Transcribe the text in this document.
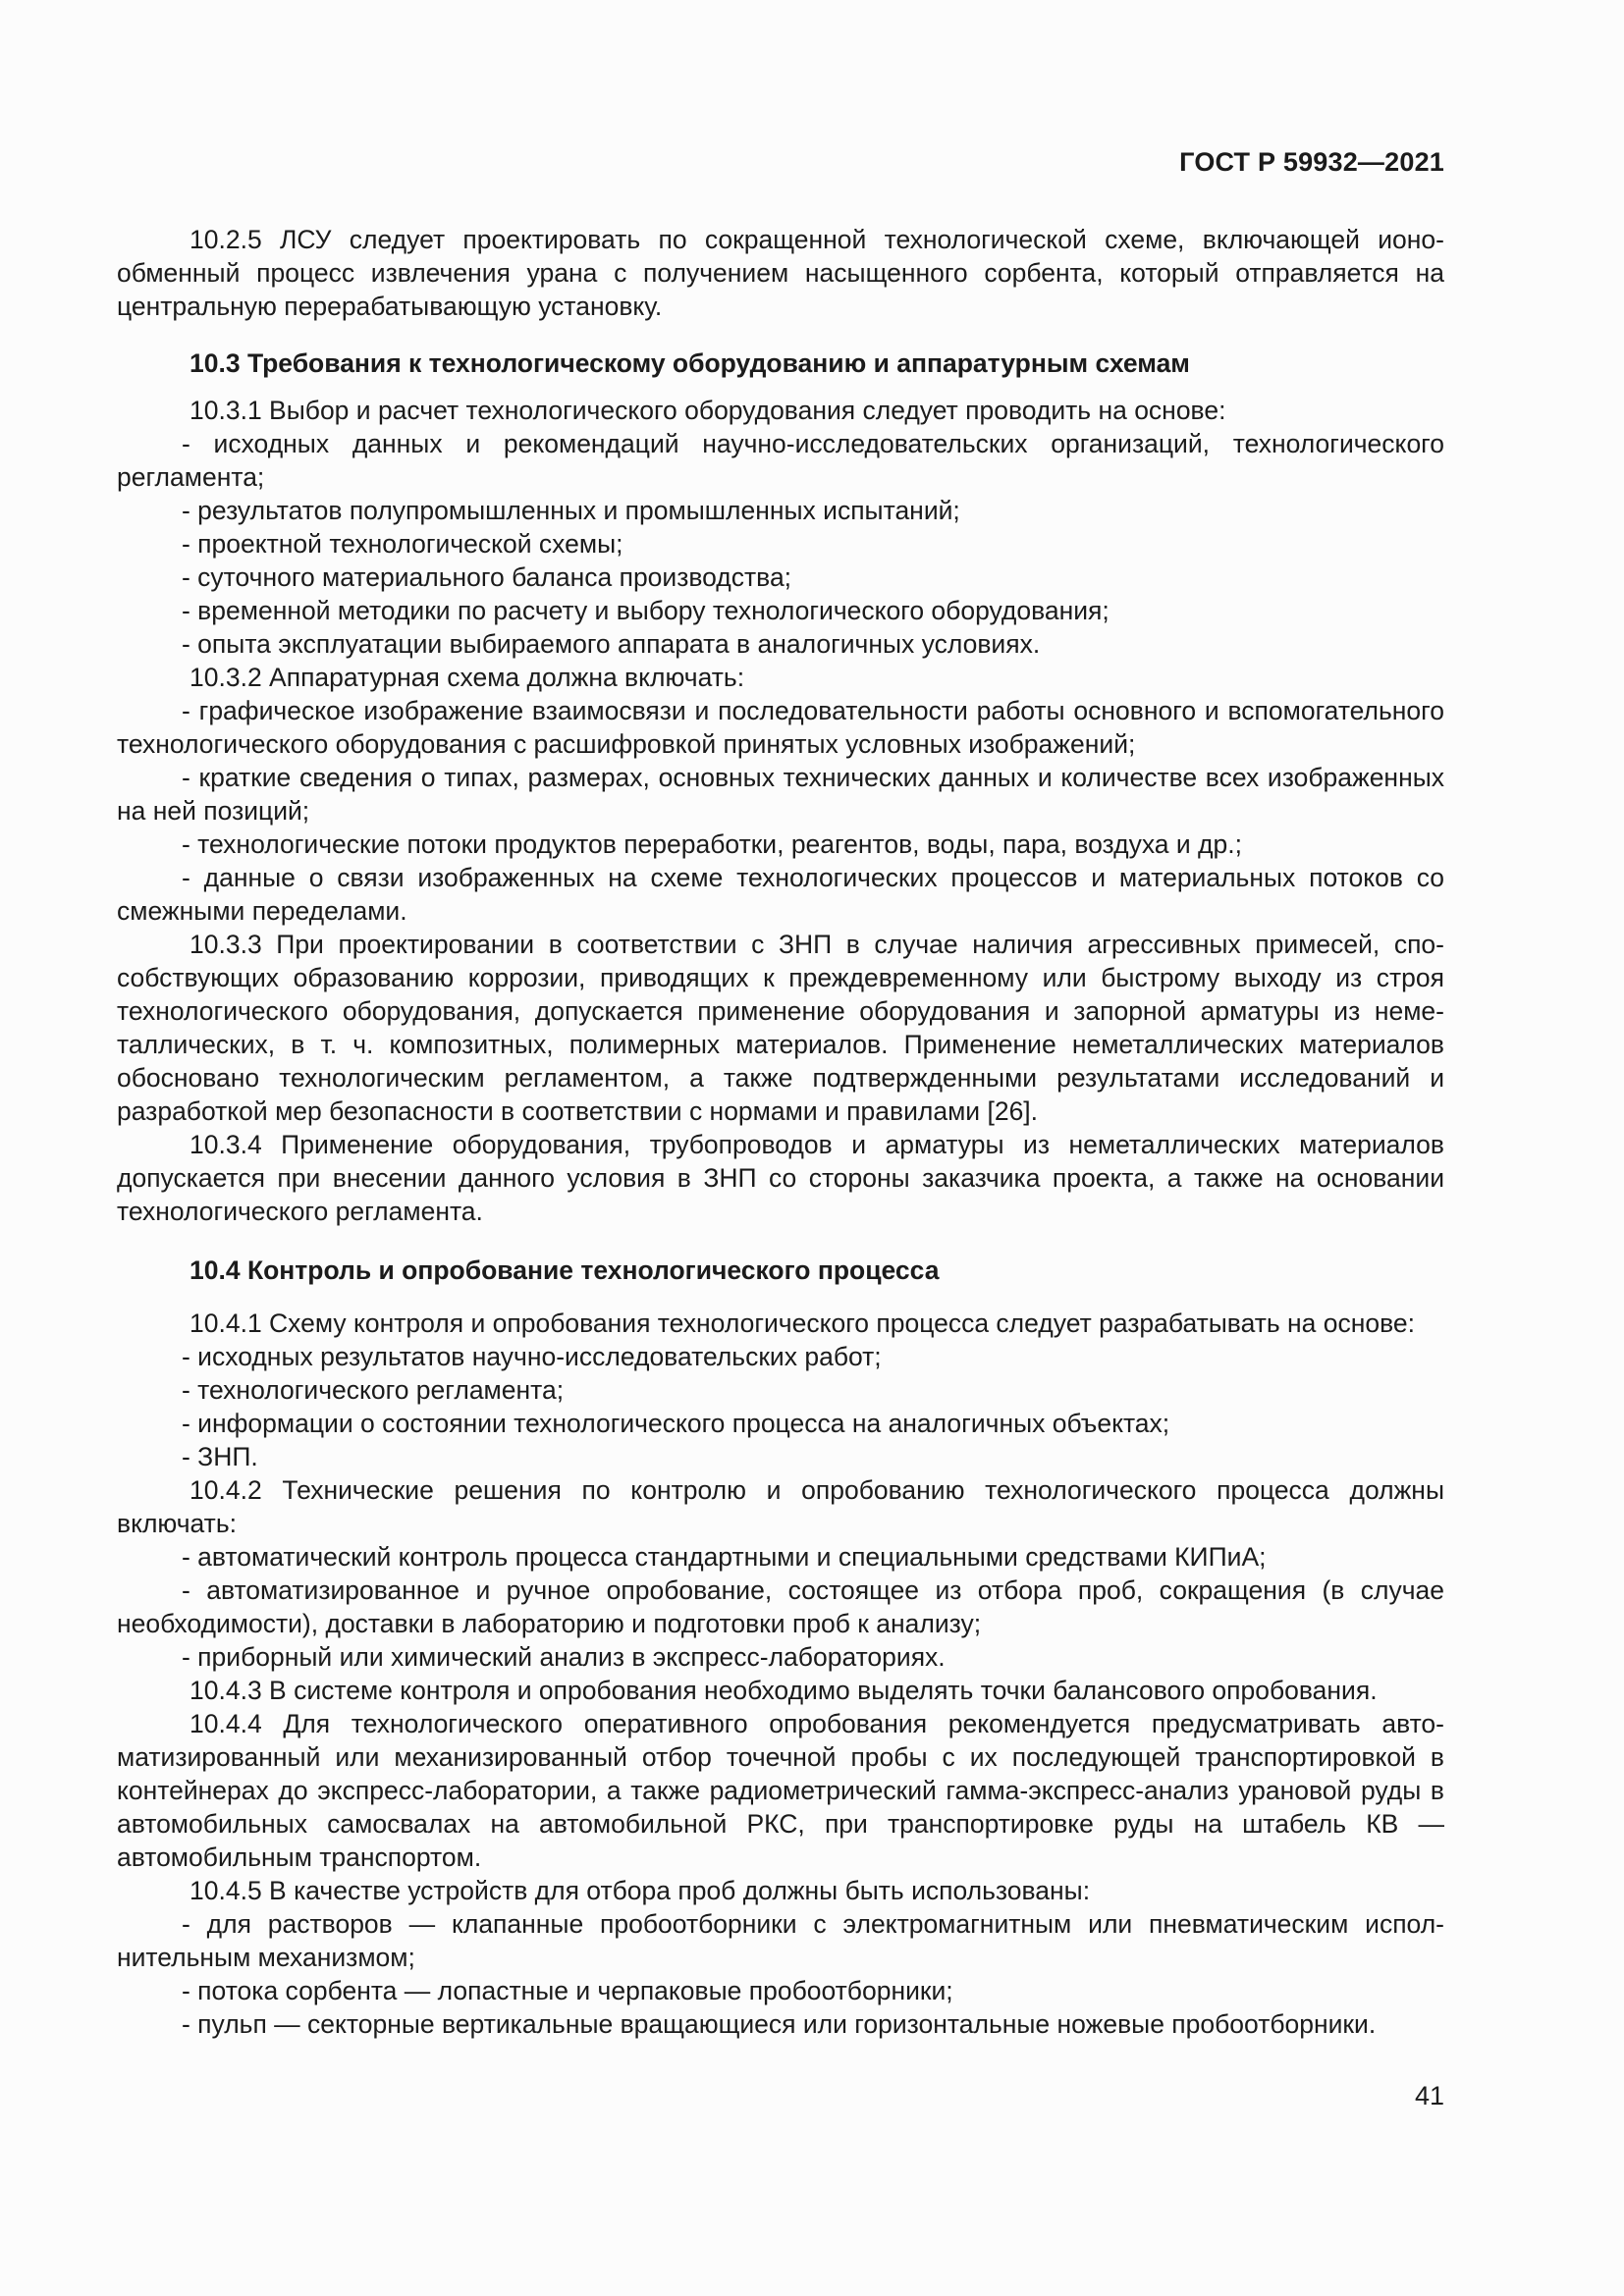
ГОСТ Р 59932—2021

10.2.5 ЛСУ следует проектировать по сокращенной технологической схеме, включающей ионообменный процесс извлечения урана с получением насыщенного сорбента, который отправляется на центральную перерабатывающую установку.

10.3 Требования к технологическому оборудованию и аппаратурным схемам

10.3.1 Выбор и расчет технологического оборудования следует проводить на основе:

- исходных данных и рекомендаций научно-исследовательских организаций, технологического регламента;

- результатов полупромышленных и промышленных испытаний;

- проектной технологической схемы;

- суточного материального баланса производства;

- временной методики по расчету и выбору технологического оборудования;

- опыта эксплуатации выбираемого аппарата в аналогичных условиях.

10.3.2 Аппаратурная схема должна включать:

- графическое изображение взаимосвязи и последовательности работы основного и вспомогательного технологического оборудования с расшифровкой принятых условных изображений;

- краткие сведения о типах, размерах, основных технических данных и количестве всех изображенных на ней позиций;

- технологические потоки продуктов переработки, реагентов, воды, пара, воздуха и др.;

- данные о связи изображенных на схеме технологических процессов и материальных потоков со смежными переделами.

10.3.3 При проектировании в соответствии с ЗНП в случае наличия агрессивных примесей, способствующих образованию коррозии, приводящих к преждевременному или быстрому выходу из строя технологического оборудования, допускается применение оборудования и запорной арматуры из неметаллических, в т. ч. композитных, полимерных материалов. Применение неметаллических материалов обосновано технологическим регламентом, а также подтвержденными результатами исследований и разработкой мер безопасности в соответствии с нормами и правилами [26].

10.3.4 Применение оборудования, трубопроводов и арматуры из неметаллических материалов допускается при внесении данного условия в ЗНП со стороны заказчика проекта, а также на основании технологического регламента.

10.4 Контроль и опробование технологического процесса

10.4.1 Схему контроля и опробования технологического процесса следует разрабатывать на основе:

- исходных результатов научно-исследовательских работ;

- технологического регламента;

- информации о состоянии технологического процесса на аналогичных объектах;

- ЗНП.

10.4.2 Технические решения по контролю и опробованию технологического процесса должны включать:

- автоматический контроль процесса стандартными и специальными средствами КИПиА;

- автоматизированное и ручное опробование, состоящее из отбора проб, сокращения (в случае необходимости), доставки в лабораторию и подготовки проб к анализу;

- приборный или химический анализ в экспресс-лабораториях.

10.4.3 В системе контроля и опробования необходимо выделять точки балансового опробования.

10.4.4 Для технологического оперативного опробования рекомендуется предусматривать автоматизированный или механизированный отбор точечной пробы с их последующей транспортировкой в контейнерах до экспресс-лаборатории, а также радиометрический гамма-экспресс-анализ урановой руды в автомобильных самосвалах на автомобильной РКС, при транспортировке руды на штабель КВ — автомобильным транспортом.

10.4.5 В качестве устройств для отбора проб должны быть использованы:

- для растворов — клапанные пробоотборники с электромагнитным или пневматическим исполнительным механизмом;

- потока сорбента — лопастные и черпаковые пробоотборники;

- пульп — секторные вертикальные вращающиеся или горизонтальные ножевые пробоотборники.

41
